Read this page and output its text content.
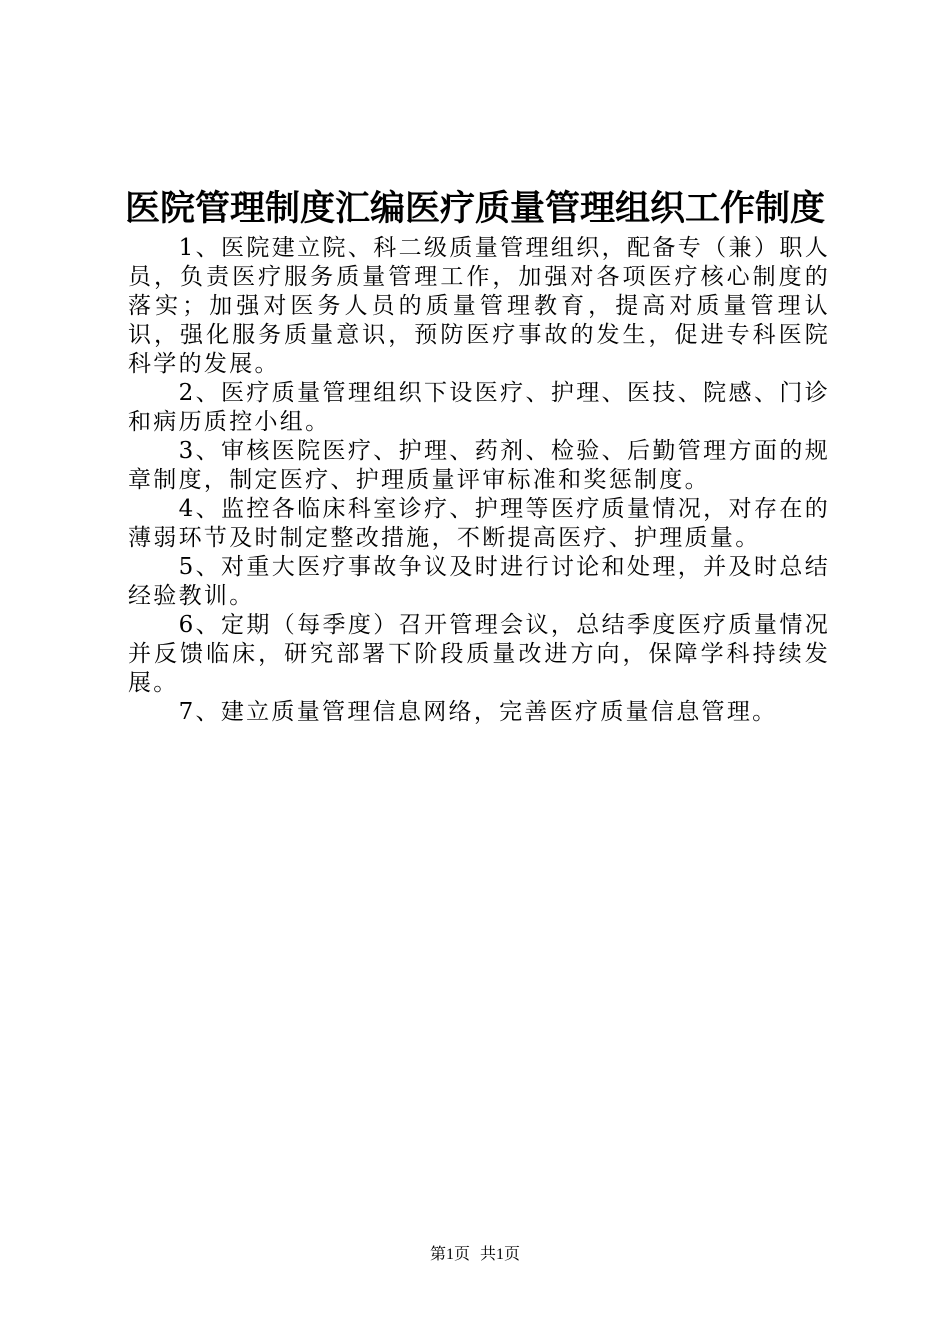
医院管理制度汇编医疗质量管理组织工作制度

1、医院建立院、科二级质量管理组织，配备专（兼）职人员，负责医疗服务质量管理工作，加强对各项医疗核心制度的落实；加强对医务人员的质量管理教育，提高对质量管理认识，强化服务质量意识，预防医疗事故的发生，促进专科医院科学的发展。

2、医疗质量管理组织下设医疗、护理、医技、院感、门诊和病历质控小组。

3、审核医院医疗、护理、药剂、检验、后勤管理方面的规章制度，制定医疗、护理质量评审标准和奖惩制度。

4、监控各临床科室诊疗、护理等医疗质量情况，对存在的薄弱环节及时制定整改措施，不断提高医疗、护理质量。

5、对重大医疗事故争议及时进行讨论和处理，并及时总结经验教训。

6、定期（每季度）召开管理会议，总结季度医疗质量情况并反馈临床，研究部署下阶段质量改进方向，保障学科持续发展。

7、建立质量管理信息网络，完善医疗质量信息管理。

第1页 共1页
